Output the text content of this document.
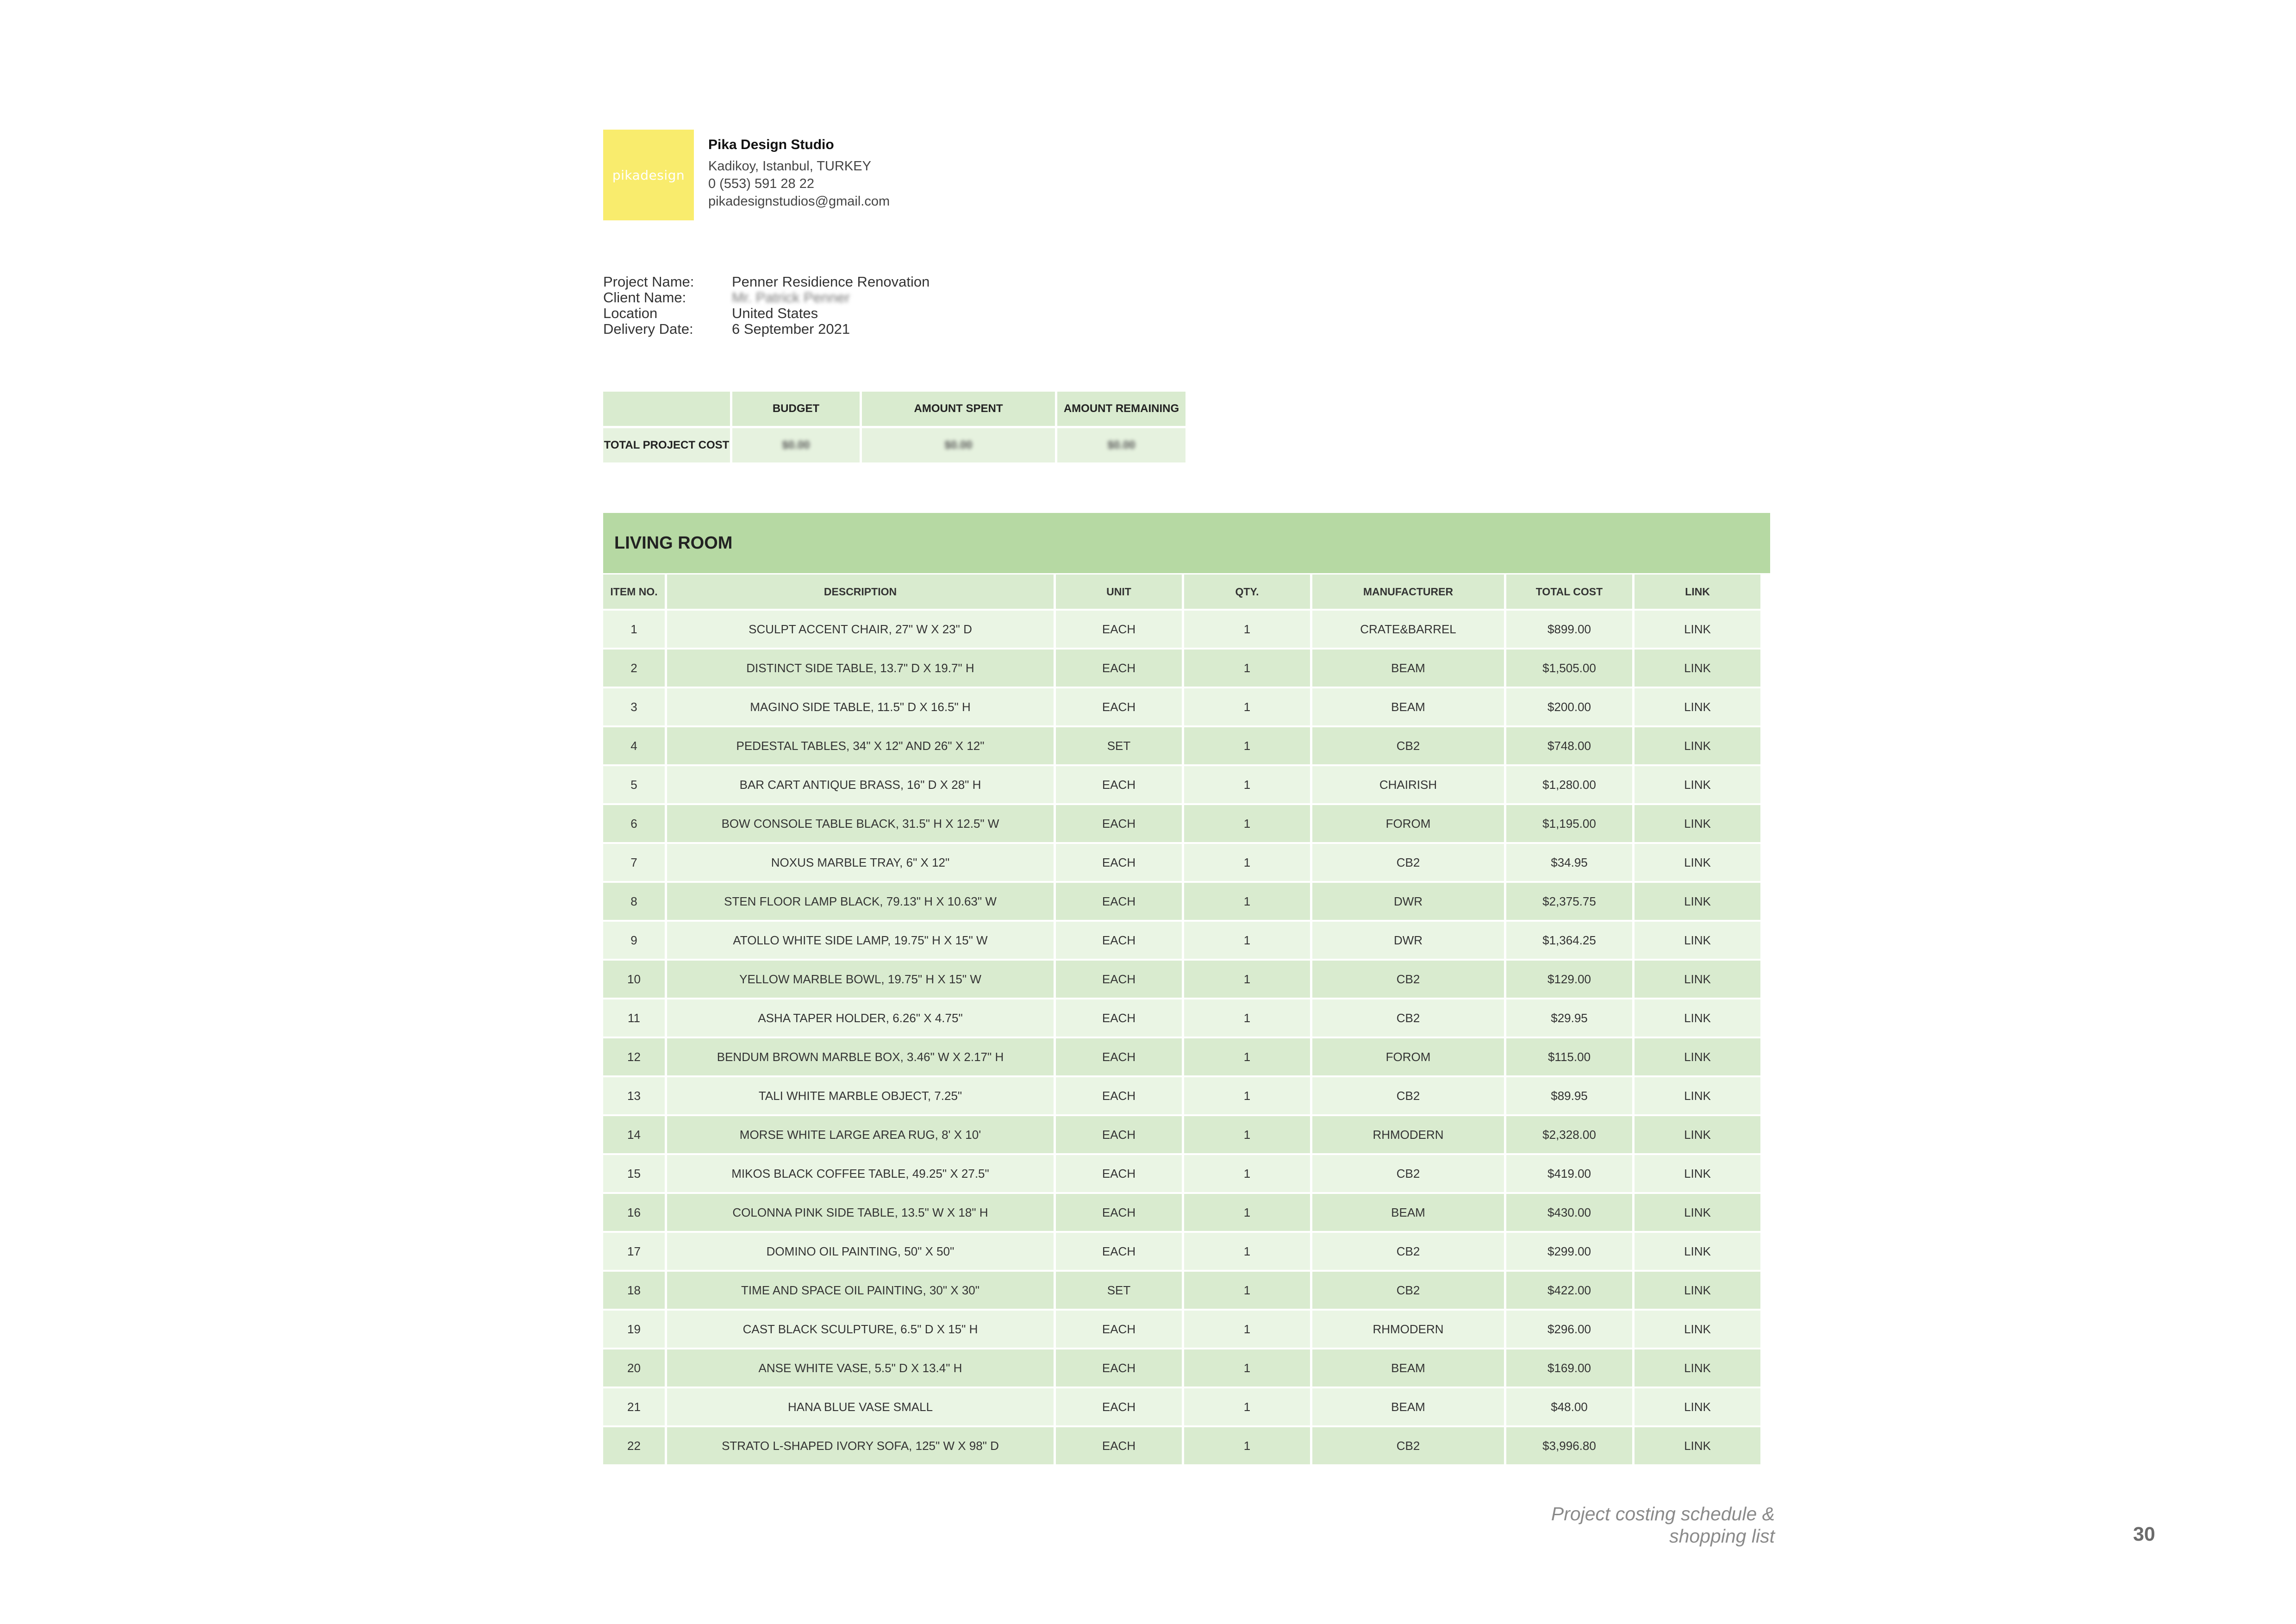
pikadesign
Pika Design Studio
Kadikoy, Istanbul, TURKEY
0 (553) 591 28 22
pikadesignstudios@gmail.com
Project Name:	Penner Residience Renovation
Client Name:	Mr. Patrick Penner
Location	United States
Delivery Date:	6 September 2021
	BUDGET	AMOUNT SPENT	AMOUNT REMAINING
TOTAL PROJECT COST	$0.00	$0.00	$0.00
LIVING ROOM
ITEM NO.	DESCRIPTION	UNIT	QTY.	MANUFACTURER	TOTAL COST	LINK
1	SCULPT ACCENT CHAIR, 27" W X 23" D	EACH	1	CRATE&BARREL	$899.00	LINK
2	DISTINCT SIDE TABLE, 13.7" D X 19.7" H	EACH	1	BEAM	$1,505.00	LINK
3	MAGINO SIDE TABLE, 11.5" D X 16.5" H	EACH	1	BEAM	$200.00	LINK
4	PEDESTAL TABLES, 34" X 12" AND 26" X 12"	SET	1	CB2	$748.00	LINK
5	BAR CART ANTIQUE BRASS, 16" D X 28" H	EACH	1	CHAIRISH	$1,280.00	LINK
6	BOW CONSOLE TABLE BLACK, 31.5" H X 12.5" W	EACH	1	FOROM	$1,195.00	LINK
7	NOXUS MARBLE TRAY, 6" X 12"	EACH	1	CB2	$34.95	LINK
8	STEN FLOOR LAMP BLACK, 79.13" H X 10.63" W	EACH	1	DWR	$2,375.75	LINK
9	ATOLLO WHITE SIDE LAMP, 19.75" H X 15" W	EACH	1	DWR	$1,364.25	LINK
10	YELLOW MARBLE BOWL, 19.75" H X 15" W	EACH	1	CB2	$129.00	LINK
11	ASHA TAPER HOLDER, 6.26" X 4.75"	EACH	1	CB2	$29.95	LINK
12	BENDUM BROWN MARBLE BOX, 3.46" W X 2.17" H	EACH	1	FOROM	$115.00	LINK
13	TALI WHITE MARBLE OBJECT, 7.25"	EACH	1	CB2	$89.95	LINK
14	MORSE WHITE LARGE AREA RUG, 8' X 10'	EACH	1	RHMODERN	$2,328.00	LINK
15	MIKOS BLACK COFFEE TABLE, 49.25" X 27.5"	EACH	1	CB2	$419.00	LINK
16	COLONNA PINK SIDE TABLE, 13.5" W X 18" H	EACH	1	BEAM	$430.00	LINK
17	DOMINO OIL PAINTING, 50" X 50"	EACH	1	CB2	$299.00	LINK
18	TIME AND SPACE OIL PAINTING, 30" X 30"	SET	1	CB2	$422.00	LINK
19	CAST BLACK SCULPTURE, 6.5" D X 15" H	EACH	1	RHMODERN	$296.00	LINK
20	ANSE WHITE VASE, 5.5" D X 13.4" H	EACH	1	BEAM	$169.00	LINK
21	HANA BLUE VASE SMALL	EACH	1	BEAM	$48.00	LINK
22	STRATO L-SHAPED IVORY SOFA, 125" W X 98" D	EACH	1	CB2	$3,996.80	LINK
Project costing schedule &
shopping list	30
